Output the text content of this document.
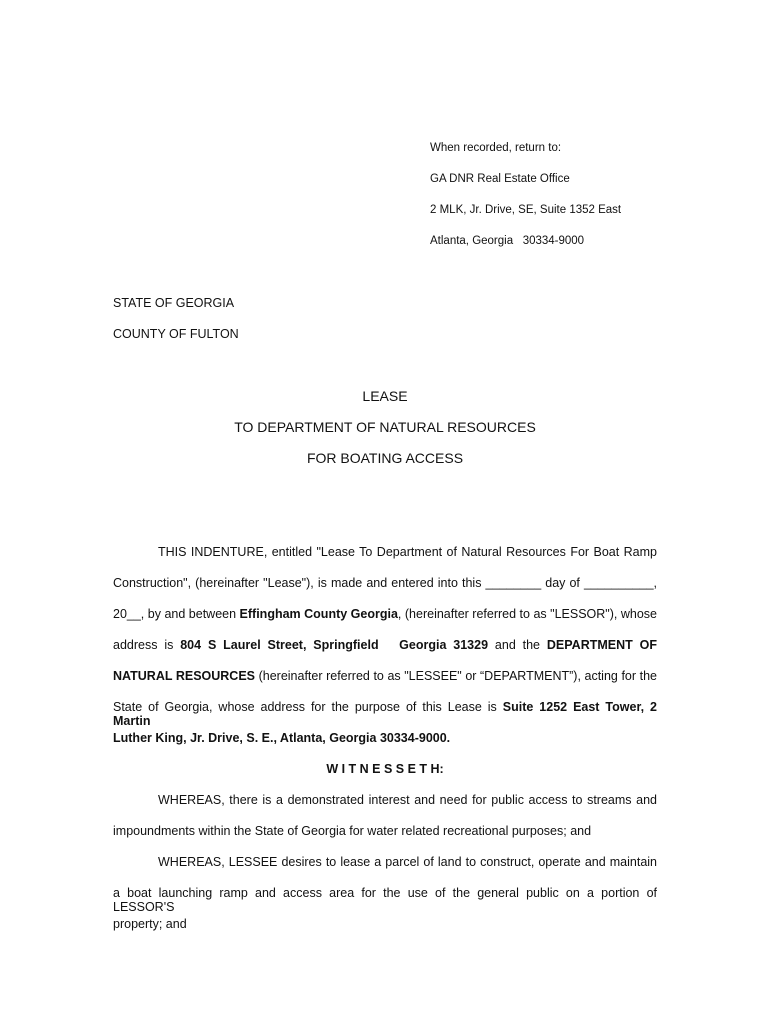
When recorded, return to:
GA DNR Real Estate Office
2 MLK, Jr. Drive, SE, Suite 1352 East
Atlanta, Georgia   30334-9000
STATE OF GEORGIA
COUNTY OF FULTON
LEASE
TO DEPARTMENT OF NATURAL RESOURCES
FOR BOATING ACCESS
THIS INDENTURE, entitled "Lease To Department of Natural Resources For Boat Ramp
Construction", (hereinafter "Lease"), is made and entered into this ________ day of __________,
20__, by and between Effingham County Georgia, (hereinafter referred to as "LESSOR"), whose
address is 804 S Laurel Street, Springfield   Georgia 31329 and the DEPARTMENT OF
NATURAL RESOURCES (hereinafter referred to as "LESSEE" or “DEPARTMENT”), acting for the
State of Georgia, whose address for the purpose of this Lease is Suite 1252 East Tower, 2 Martin
Luther King, Jr. Drive, S. E., Atlanta, Georgia 30334-9000.
W I T N E S S E T H:
WHEREAS, there is a demonstrated interest and need for public access to streams and
impoundments within the State of Georgia for water related recreational purposes; and
WHEREAS, LESSEE desires to lease a parcel of land to construct, operate and maintain
a boat launching ramp and access area for the use of the general public on a portion of LESSOR'S
property; and
